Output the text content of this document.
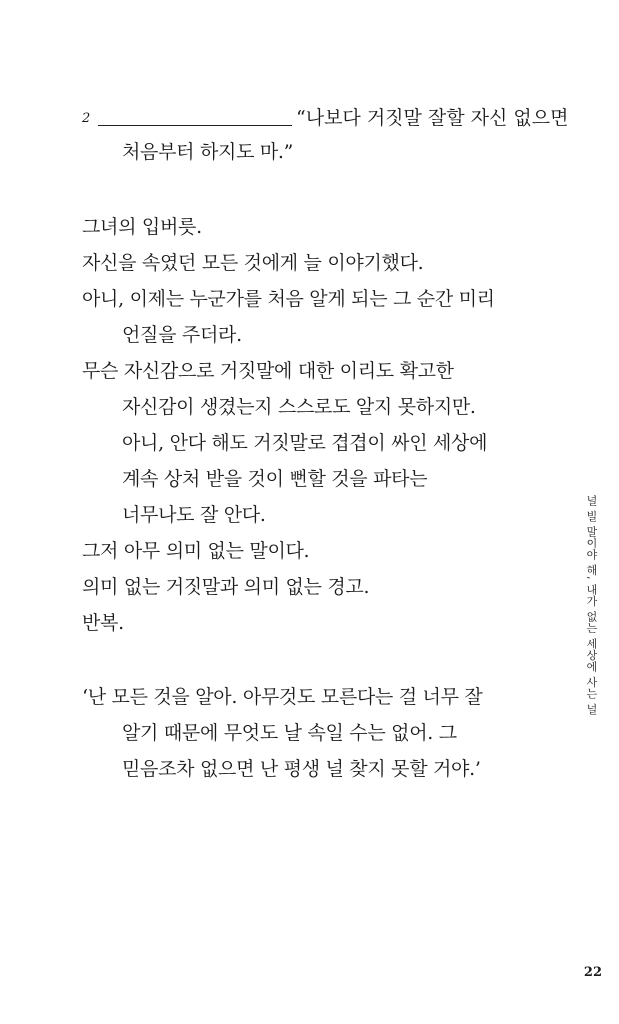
2	“나보다 거짓말 잘할 자신 없으면
처음부터 하지도 마.”
그녀의 입버릇.
자신을 속였던 모든 것에게 늘 이야기했다.
아니, 이제는 누군가를 처음 알게 되는 그 순간 미리
언질을 주더라.
무슨 자신감으로 거짓말에 대한 이리도 확고한
자신감이 생겼는지 스스로도 알지 못하지만.
아니, 안다 해도 거짓말로 겹겹이 싸인 세상에
계속 상처 받을 것이 뻔할 것을 파타는
너무나도 잘 안다.
그저 아무 의미 없는 말이다.
의미 없는 거짓말과 의미 없는 경고.
반복.
‘난 모든 것을 알아. 아무것도 모른다는 걸 너무 잘
알기 때문에 무엇도 날 속일 수는 없어. 그
믿음조차 없으면 난 평생 널 찾지 못할 거야.’
널 빌 말이야 해, 내가 없는 세상에 사는 널
22
